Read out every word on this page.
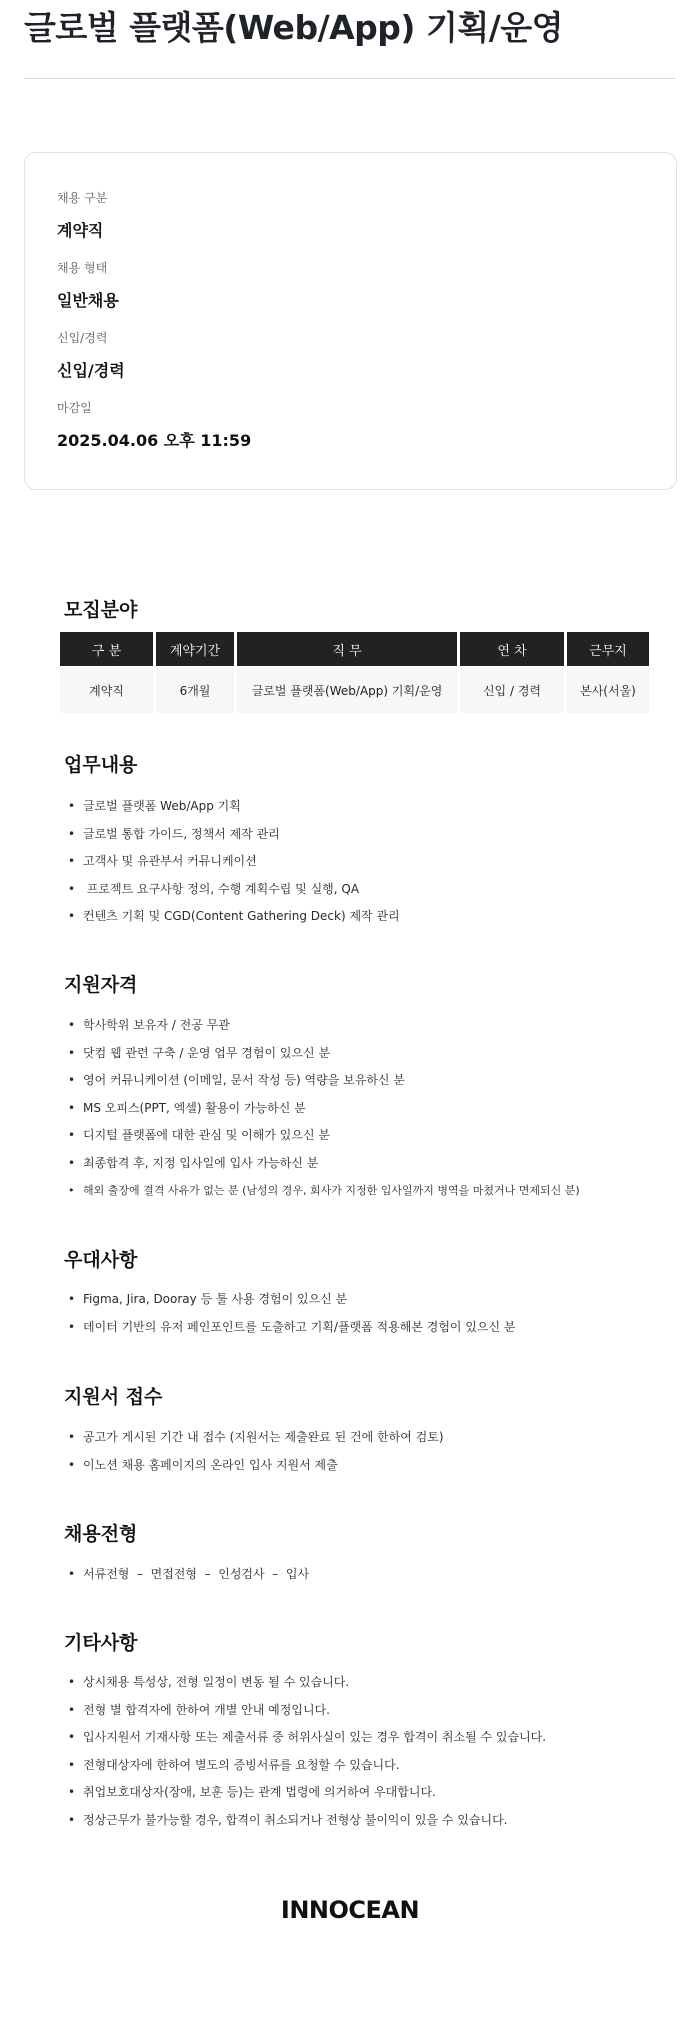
글로벌 플랫폼(Web/App) 기획/운영
채용 구분
계약직
채용 형태
일반채용
신입/경력
신입/경력
마감일
2025.04.06 오후 11:59
모집분야
구 분	계약기간	직 무	연 차	근무지
계약직	6개월	글로벌 플랫폼(Web/App) 기획/운영	신입 / 경력	본사(서울)
업무내용
• 글로벌 플랫폼 Web/App 기획
• 글로벌 통합 가이드, 정책서 제작 관리
• 고객사 및 유관부서 커뮤니케이션
• 프로젝트 요구사항 정의, 수행 계획수립 및 실행, QA
• 컨텐츠 기획 및 CGD(Content Gathering Deck) 제작 관리
지원자격
• 학사학위 보유자 / 전공 무관
• 닷컴 웹 관련 구축 / 운영 업무 경험이 있으신 분
• 영어 커뮤니케이션 (이메일, 문서 작성 등) 역량을 보유하신 분
• MS 오피스(PPT, 엑셀) 활용이 가능하신 분
• 디지털 플랫폼에 대한 관심 및 이해가 있으신 분
• 최종합격 후, 지정 입사일에 입사 가능하신 분
• 해외 출장에 결격 사유가 없는 분 (남성의 경우, 회사가 지정한 입사일까지 병역을 마쳤거나 면제되신 분)
우대사항
• Figma, Jira, Dooray 등 툴 사용 경험이 있으신 분
• 데이터 기반의 유저 페인포인트를 도출하고 기획/플랫폼 적용해본 경험이 있으신 분
지원서 접수
• 공고가 게시된 기간 내 접수 (지원서는 제출완료 된 건에 한하여 검토)
• 이노션 채용 홈페이지의 온라인 입사 지원서 제출
채용전형
• 서류전형  –  면접전형  –  인성검사  –  입사
기타사항
• 상시채용 특성상, 전형 일정이 변동 될 수 있습니다.
• 전형 별 합격자에 한하여 개별 안내 예정입니다.
• 입사지원서 기재사항 또는 제출서류 중 허위사실이 있는 경우 합격이 취소될 수 있습니다.
• 전형대상자에 한하여 별도의 증빙서류를 요청할 수 있습니다.
• 취업보호대상자(장애, 보훈 등)는 관계 법령에 의거하여 우대합니다.
• 정상근무가 불가능할 경우, 합격이 취소되거나 전형상 불이익이 있을 수 있습니다.
INNOCEAN
